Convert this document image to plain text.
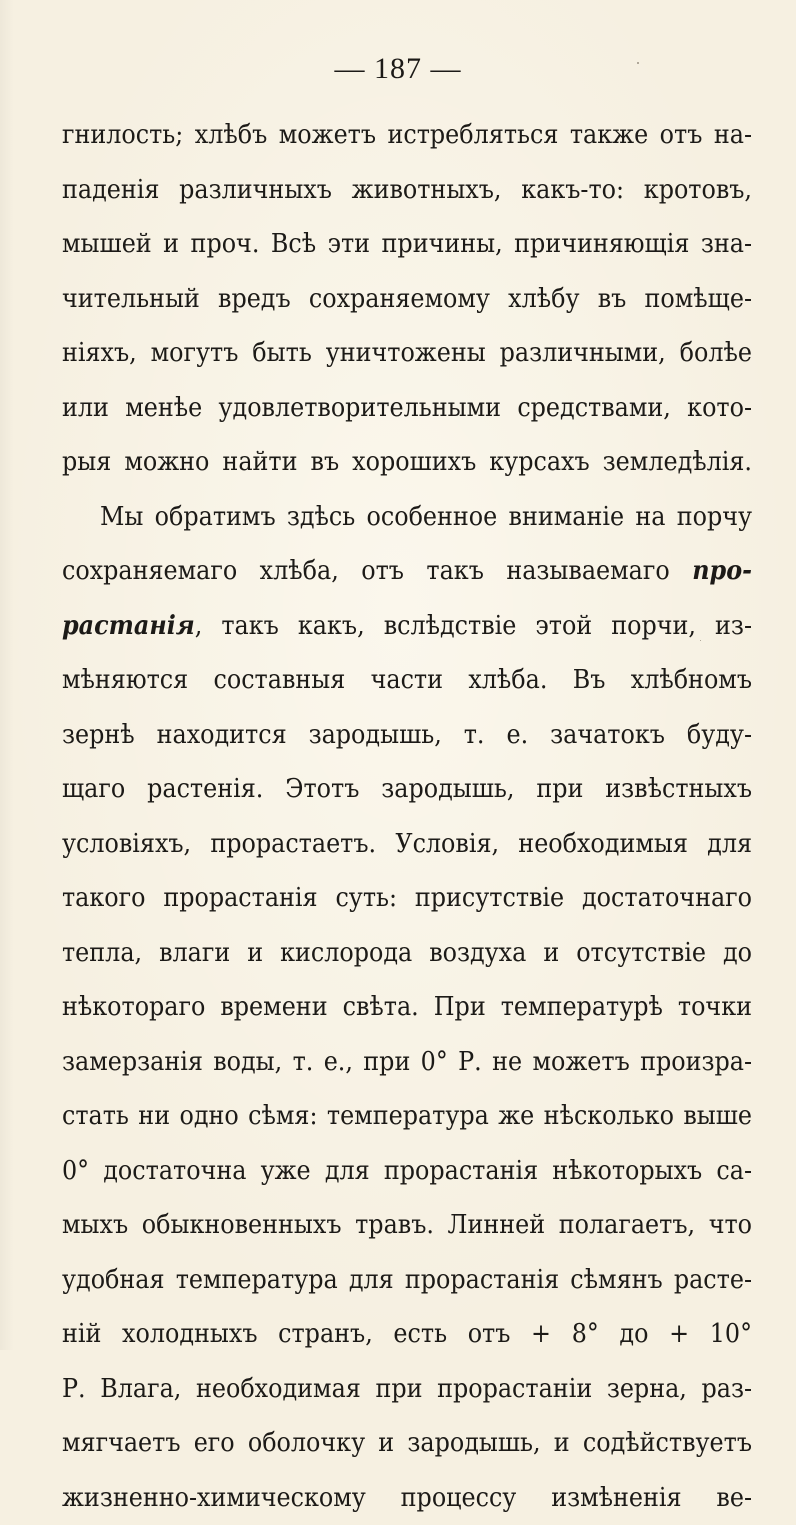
— 187 —
гнилость; хлѣбъ можетъ истребляться также отъ на-
паденія различныхъ животныхъ, какъ-то: кротовъ,
мышей и проч. Всѣ эти причины, причиняющія зна-
чительный вредъ сохраняемому хлѣбу въ помѣще-
ніяхъ, могутъ быть уничтожены различными, болѣе
или менѣе удовлетворительными средствами, кото-
рыя можно найти въ хорошихъ курсахъ земледѣлія.
Мы обратимъ здѣсь особенное вниманіе на порчу
сохраняемаго хлѣба, отъ такъ называемаго про-
растанія, такъ какъ, вслѣдствіе этой порчи, из-
мѣняются составныя части хлѣба. Въ хлѣбномъ
зернѣ находится зародышь, т. е. зачатокъ буду-
щаго растенія. Этотъ зародышь, при извѣстныхъ
условіяхъ, прорастаетъ. Условія, необходимыя для
такого прорастанія суть: присутствіе достаточнаго
тепла, влаги и кислорода воздуха и отсутствіе до
нѣкотораго времени свѣта. При температурѣ точки
замерзанія воды, т. е., при 0° Р. не можетъ произра-
стать ни одно сѣмя: температура же нѣсколько выше
0° достаточна уже для прорастанія нѣкоторыхъ са-
мыхъ обыкновенныхъ травъ. Линней полагаетъ, что
удобная температура для прорастанія сѣмянъ расте-
ній холодныхъ странъ, есть отъ + 8° до + 10°
Р. Влага, необходимая при прорастаніи зерна, раз-
мягчаетъ его оболочку и зародышь, и содѣйствуетъ
жизненно-химическому процессу измѣненія ве-
